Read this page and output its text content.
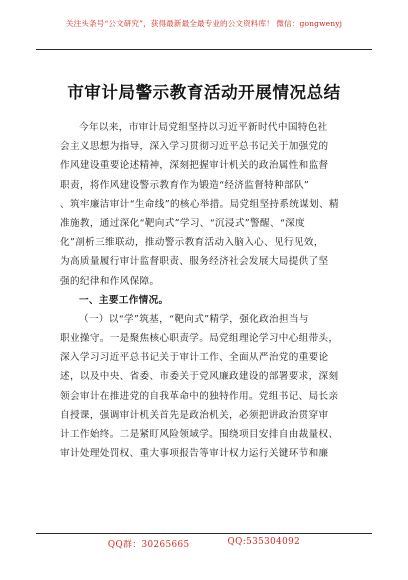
关注头条号“公文研究”，获得最新最全最专业的公文资料库！ 微信：gongwenyj
市审计局警示教育活动开展情况总结
今年以来，市审计局党组坚持以习近平新时代中国特色社
会主义思想为指导，深入学习贯彻习近平总书记关于加强党的
作风建设重要论述精神，深刻把握审计机关的政治属性和监督
职责，将作风建设警示教育作为锻造“经济监督特种部队”
、筑牢廉洁审计“生命线”的核心举措。局党组坚持系统谋划、精
准施教，通过深化“靶向式”学习、“沉浸式”警醒、“深度
化”剖析三维联动，推动警示教育活动入脑入心、见行见效，
为高质量履行审计监督职责、服务经济社会发展大局提供了坚
强的纪律和作风保障。
一、主要工作情况。
（一）以“学”筑基，“靶向式”精学，强化政治担当与
职业操守。一是聚焦核心职责学。局党组理论学习中心组带头，
深入学习习近平总书记关于审计工作、全面从严治党的重要论
述，以及中央、省委、市委关于党风廉政建设的部署要求，深刻
领会审计在推进党的自我革命中的独特作用。党组书记、局长亲
自授课，强调审计机关首先是政治机关，必须把讲政治贯穿审
计工作始终。二是紧盯风险领域学。围绕项目安排自由裁量权、
审计处理处罚权、重大事项报告等审计权力运行关键环节和廉
QQ群：30265665	QQ:535304092
